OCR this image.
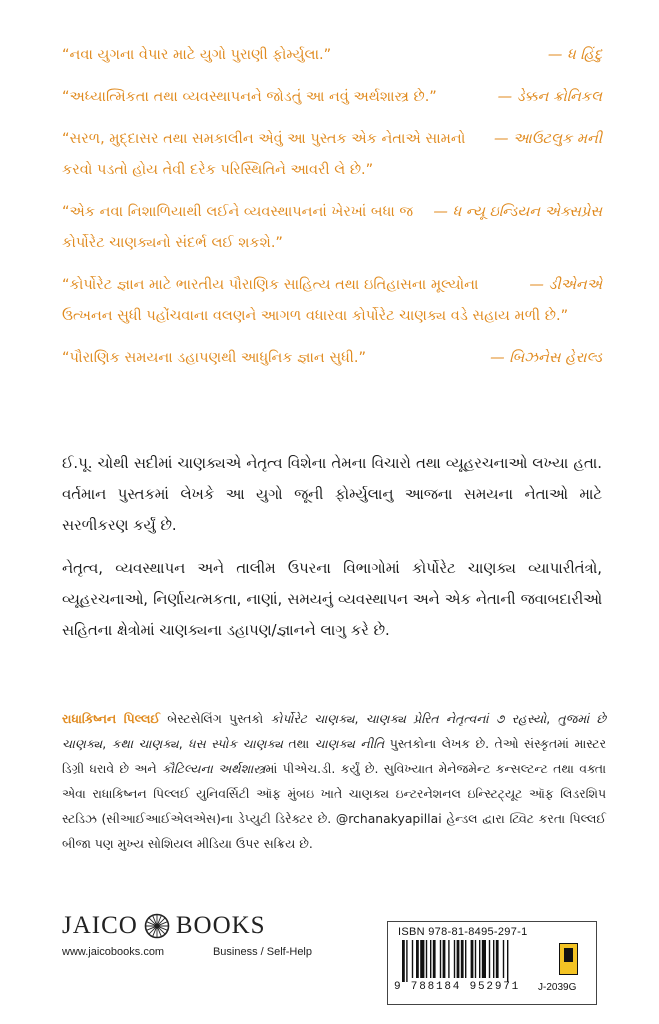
— ધ હિંદુ
“નવા યુગના વેપાર માટે યુગો પુરાણી ફોર્મ્યુલા.”
— ડેક્કન ક્રોનિકલ
“અધ્યાત્મિકતા તથા વ્યવસ્થાપનને જોડતું આ નવું અર્થશાસ્ત્ર છે.”
— આઉટલુક મની
“સરળ, મુદ્દાસર તથા સમકાલીન એવું આ પુસ્તક એક નેતાએ સામનો કરવો પડતો હોય તેવી દરેક પરિસ્થિતિને આવરી લે છે.”
— ધ ન્યૂ ઇન્ડિયન એક્સપ્રેસ
“એક નવા નિશાળિયાથી લઈને વ્યવસ્થાપનનાં ખેરખાં બધા જ કોર્પોરેટ ચાણક્યનો સંદર્ભ લઈ શકશે.”
— ડીએનએ
“કોર્પોરેટ જ્ઞાન માટે ભારતીય પૌરાણિક સાહિત્ય તથા ઇતિહાસના મૂલ્યોના ઉત્ખનન સુધી પહોંચવાના વલણને આગળ વધારવા કોર્પોરેટ ચાણક્ય વડે સહાય મળી છે.”
— બિઝનેસ હેરાલ્ડ
“પૌરાણિક સમયના ડહાપણથી આધુનિક જ્ઞાન સુધી.”

ઈ.પૂ. ચોથી સદીમાં ચાણક્યએ નેતૃત્વ વિશેના તેમના વિચારો તથા વ્યૂહરચનાઓ લખ્યા હતા. વર્તમાન પુસ્તકમાં લેખકે આ યુગો જૂની ફોર્મ્યુલાનુ આજના સમયના નેતાઓ માટે સરળીકરણ કર્યું છે.

નેતૃત્વ, વ્યવસ્થાપન અને તાલીમ ઉપરના વિભાગોમાં કોર્પોરેટ ચાણક્ય વ્યાપારીતંત્રો, વ્યૂહરચનાઓ, નિર્ણાયત્મકતા, નાણાં, સમયનું વ્યવસ્થાપન અને એક નેતાની જવાબદારીઓ સહિતના ક્ષેત્રોમાં ચાણક્યના ડહાપણ/જ્ઞાનને લાગુ કરે છે.

રાધાકિષ્નન પિલ્લઈ બેસ્ટસેલિંગ પુસ્તકો કોર્પોરેટ ચાણક્ય, ચાણક્ય પ્રેરિત નેતૃત્વનાં ૭ રહસ્યો, તુજમાં છે ચાણક્ય, કથા ચાણક્ય, ધસ સ્પોક ચાણક્ય તથા ચાણક્ય નીતિ પુસ્તકોના લેખક છે. તેઓ સંસ્કૃતમાં માસ્ટર ડિગ્રી ધરાવે છે અને કૌટિલ્યના અર્થશાસ્ત્રમાં પીએચ.ડી. કર્યું છે. સુવિખ્યાત મેનેજમેન્ટ કન્સલ્ટન્ટ તથા વક્તા એવા રાધાકિષ્નન પિલ્લઈ યુનિવર્સિટી ઑફ મુંબઇ ખાતે ચાણક્ય ઇન્ટરનેશનલ ઇન્સ્ટિટ્યૂટ ઑફ લિડરશિપ સ્ટડિઝ (સીઆઈઆઈએલએસ)ના ડેપ્યુટી ડિરેક્ટર છે. @rchanakyapillai હેન્ડલ દ્વારા ટ્વિટ કરતા પિલ્લઈ બીજા પણ મુખ્ય સોશિયલ મીડિયા ઉપર સક્રિય છે.
JAICO BOOKS
www.jaicobooks.com	Business / Self-Help
ISBN 978-81-8495-297-1
9 788184 952971 J-2039G
